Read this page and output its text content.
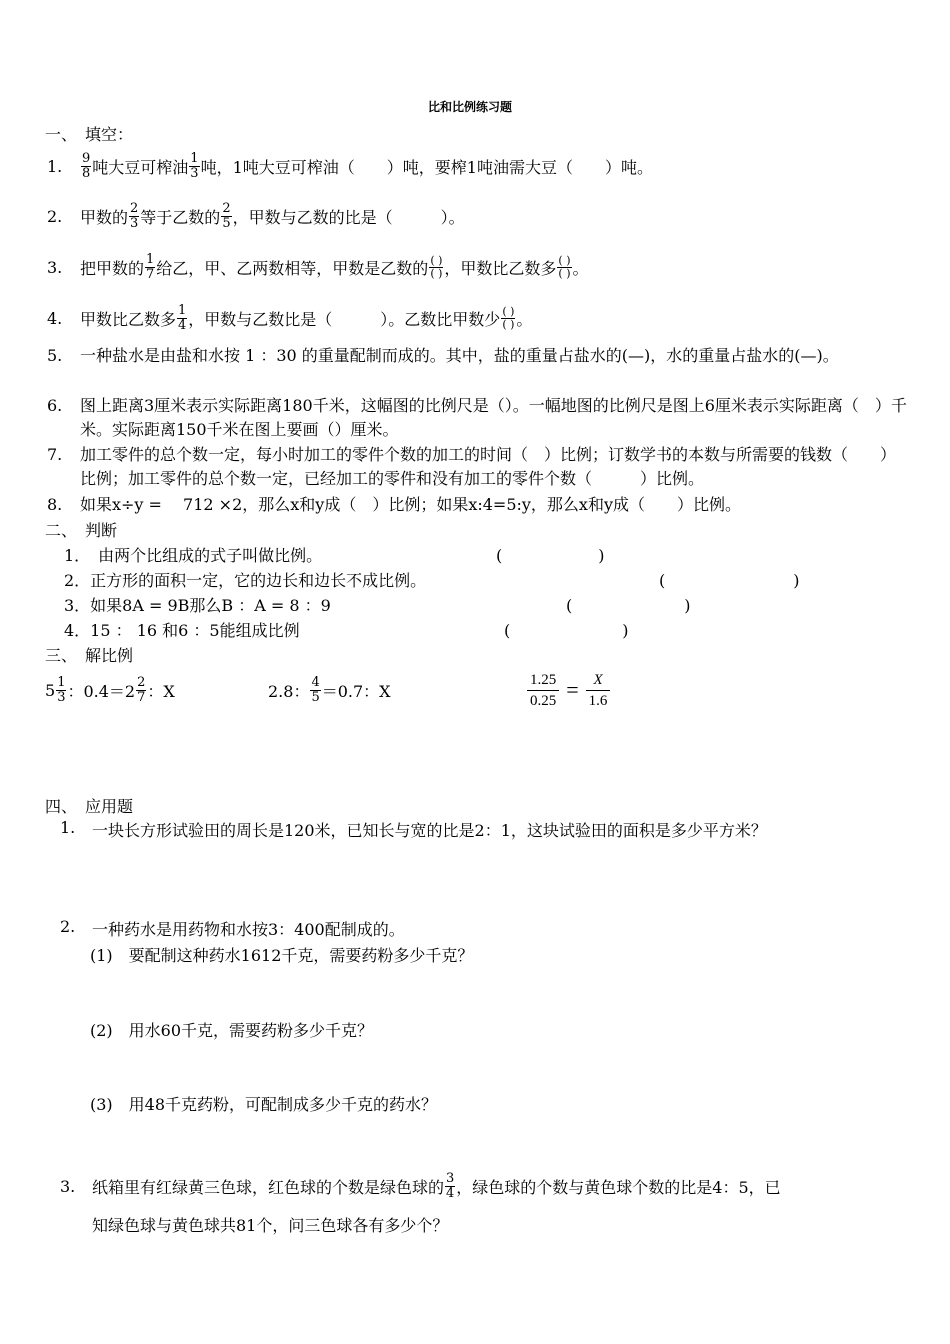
比和比例练习题
一、　填空：
1.	$\frac{9}{8}$ 吨大豆可榨油 $\frac{1}{3}$ 吨，1吨大豆可榨油（　　）吨，要榨1吨油需大豆（　　）吨。
2.	甲数的 $\frac{2}{3}$ 等于乙数的 $\frac{2}{5}$ ，甲数与乙数的比是（　　　）。
3.	把甲数的 $\frac{1}{7}$ 给乙，甲、乙两数相等，甲数是乙数的 $\frac{( )}{( )}$ ，甲数比乙数多 $\frac{( )}{( )}$ 。
4.	甲数比乙数多 $\frac{1}{4}$ ，甲数与乙数比是（　　　）。乙数比甲数少 $\frac{( )}{( )}$ 。
5. 一种盐水是由盐和水按 1 ：30 的重量配制而成的。其中，盐的重量占盐水的(—)，水的重量占盐水的(—)。
6. 图上距离3厘米表示实际距离180千米，这幅图的比例尺是（）。一幅地图的比例尺是图上6厘米表示实际距离（　）千米。实际距离150千米在图上要画（）厘米。
7. 加工零件的总个数一定，每小时加工的零件个数的加工的时间（　）比例；订数学书的本数与所需要的钱数（　　）比例；加工零件的总个数一定，已经加工的零件和没有加工的零件个数（　　　）比例。
8. 如果x÷y =　 712 ×2，那么x和y成（　）比例；如果x:4=5:y，那么x和y成（　　）比例。
二、　判断
1．　由两个比组成的式子叫做比例。	(　　　　　　)
2．正方形的面积一定，它的边长和边长不成比例。	(　　　　　　　　)
3．如果8A = 9B那么B ：A = 8 ：9	(　　　　　　　)
4．15 ： 16 和6 ：5能组成比例	(　　　　　　　)
三、　解比例
$5 \frac{1}{3}$ ：$0.4=2 \frac{2}{7}$ ：X	2.8： $\frac{4}{5} =0.7$：X	$\frac{1.25}{0.25} = \frac{X}{1.6}$
四、　应用题
1. 一块长方形试验田的周长是120米，已知长与宽的比是2：1，这块试验田的面积是多少平方米？
2. 一种药水是用药物和水按3：400配制成的。
(1)　要配制这种药水1612千克，需要药粉多少千克？
(2)　用水60千克，需要药粉多少千克？
(3)　用48千克药粉，可配制成多少千克的药水？
3.	纸箱里有红绿黄三色球，红色球的个数是绿色球的 $\frac{3}{4}$ ，绿色球的个数与黄色球个数的比是4：5，已
知绿色球与黄色球共81个，问三色球各有多少个？
